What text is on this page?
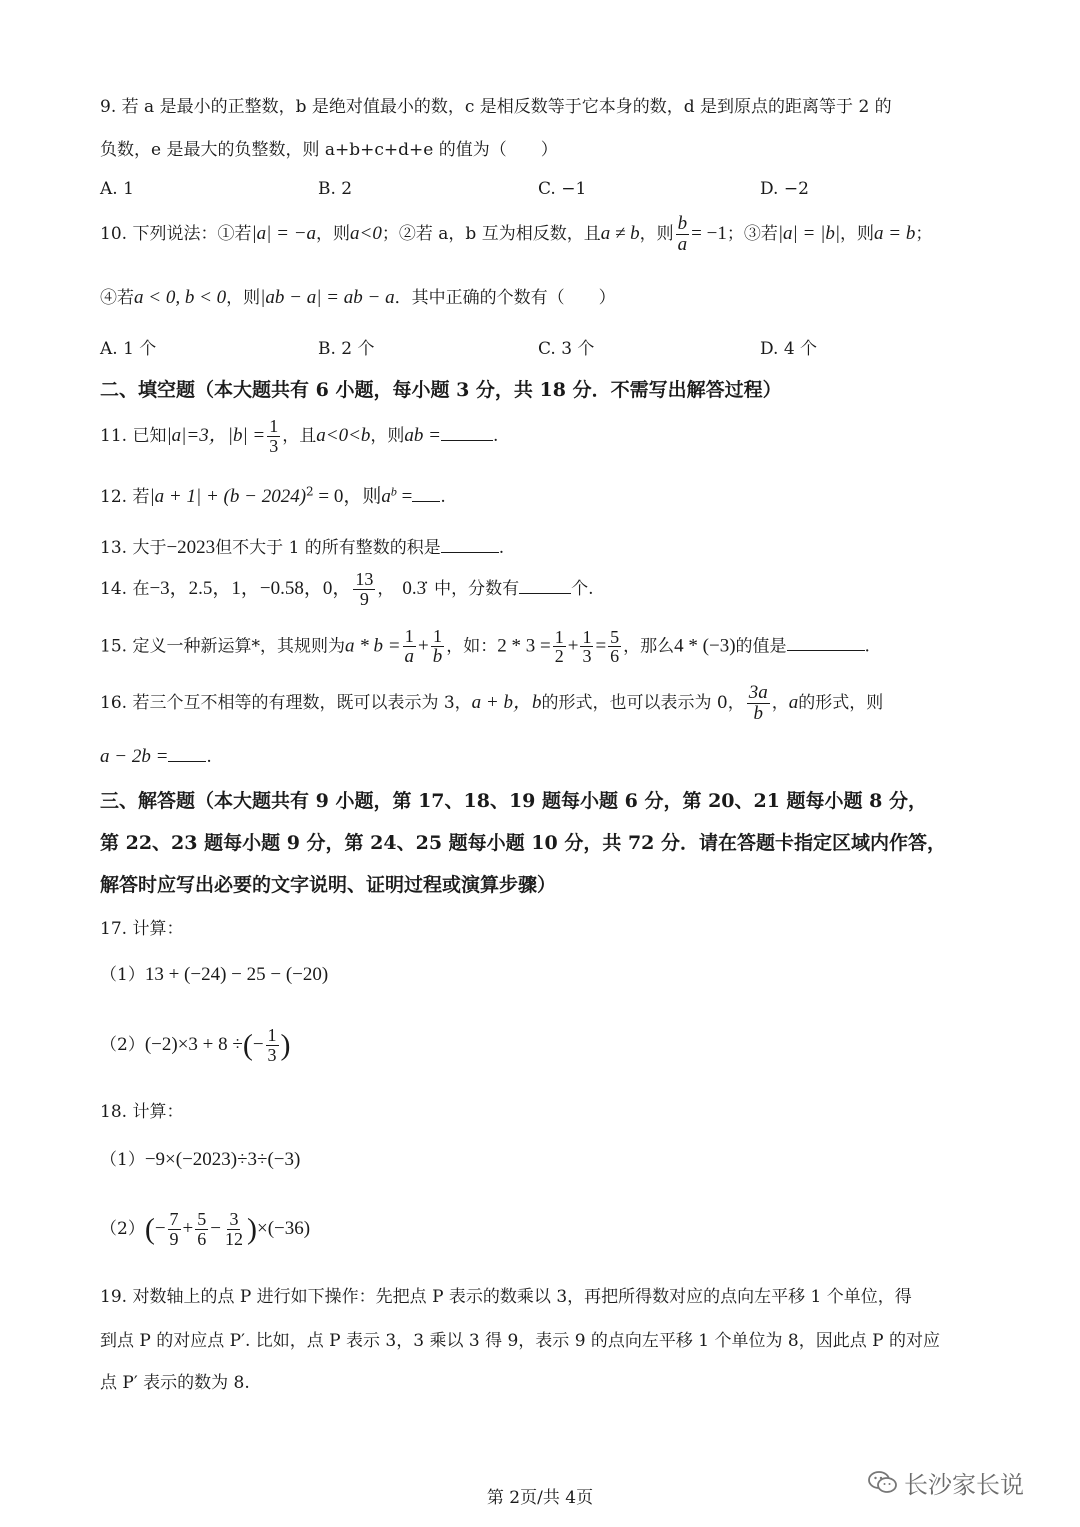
9. 若 a 是最小的正整数，b 是绝对值最小的数，c 是相反数等于它本身的数，d 是到原点的距离等于 2 的
负数，e 是最大的负整数，则 a+b+c+d+e 的值为（　　）
A. 1	B. 2	C. −1	D. −2
10. 下列说法：①若|a| = −a，则a<0；②若 a，b 互为相反数，且a ≠ b，则 $\frac{b}{a} = -1$；③若|a| = |b|，则a = b；
④若a < 0, b < 0，则|ab − a| = ab − a．其中正确的个数有（　　）
A. 1 个	B. 2 个	C. 3 个	D. 4 个
二、填空题（本大题共有 6 小题，每小题 3 分，共 18 分．不需写出解答过程）
11. 已知|a|=3，$|b| = \frac{1}{3}$ ，且a<0<b，则ab =	.
12. 若$|a + 1| + (b - 2024)^2 = 0$，则$a^b$ = .
13. 大于−2023但不大于 1 的所有整数的积是	.
14. 在−3，2.5，1，−0.58，0， $\frac{13}{9}$ ， 0.3̇ 中，分数有	个.
15. 定义一种新运算*，其规则为$a * b = \frac{1}{a} + \frac{1}{b}$ ，如：$2 * 3 = \frac{1}{2} + \frac{1}{3} = \frac{5}{6}$ ，那么4 * (−3)的值是	.
16. 若三个互不相等的有理数，既可以表示为 3，a + b，b的形式，也可以表示为 0， $\frac{3a}{b}$ ，a的形式，则
a − 2b = .
三、解答题（本大题共有 9 小题，第 17、18、19 题每小题 6 分，第 20、21 题每小题 8 分，
第 22、23 题每小题 9 分，第 24、25 题每小题 10 分，共 72 分．请在答题卡指定区域内作答，
解答时应写出必要的文字说明、证明过程或演算步骤）
17. 计算：
（1）13 + (−24) − 25 − (−20)
（2）(−2)×3 + 8 ÷(− $\frac{1}{3}$ )
18. 计算：
（1）−9×(−2023)÷3÷(−3)
$(2)(- \frac{7}{9} + \frac{5}{6} - \frac{3}{12} )\times(-36)$
19. 对数轴上的点 P 进行如下操作：先把点 P 表示的数乘以 3，再把所得数对应的点向左平移 1 个单位，得
到点 P 的对应点 P′. 比如，点 P 表示 3，3 乘以 3 得 9，表示 9 的点向左平移 1 个单位为 8，因此点 P 的对应
点 P′ 表示的数为 8.
第 2页/共 4页	长沙家长说
